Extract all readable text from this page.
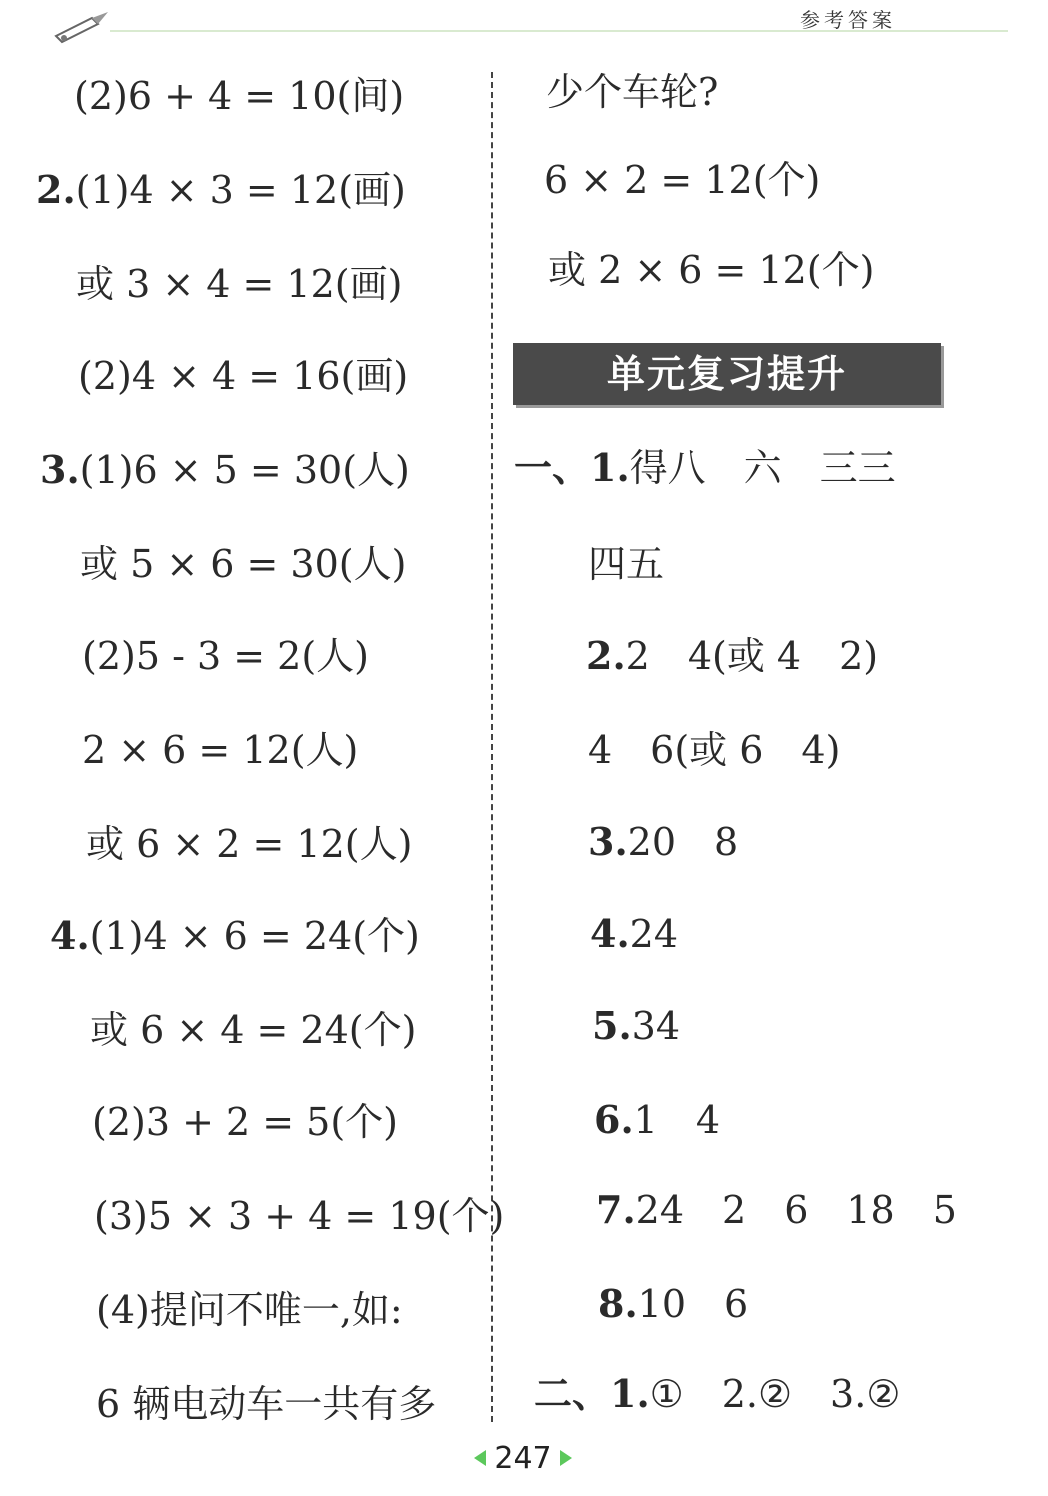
参考答案
(2)6 + 4 = 10(间)
2.(1)4 × 3 = 12(画)
或 3 × 4 = 12(画)
(2)4 × 4 = 16(画)
3.(1)6 × 5 = 30(人)
或 5 × 6 = 30(人)
(2)5 - 3 = 2(人)
2 × 6 = 12(人)
或 6 × 2 = 12(人)
4.(1)4 × 6 = 24(个)
或 6 × 4 = 24(个)
(2)3 + 2 = 5(个)
(3)5 × 3 + 4 = 19(个)
(4)提问不唯一,如:
6 辆电动车一共有多
少个车轮?
6 × 2 = 12(个)
或 2 × 6 = 12(个)
单元复习提升
一、1.得八　六　三三
四五
2.2　4(或 4　2)
4　6(或 6　4)
3.20　8
4.24
5.34
6.1　4
7.24　2　6　18　5
8.10　6
二、1.①　2.②　3.②
247
